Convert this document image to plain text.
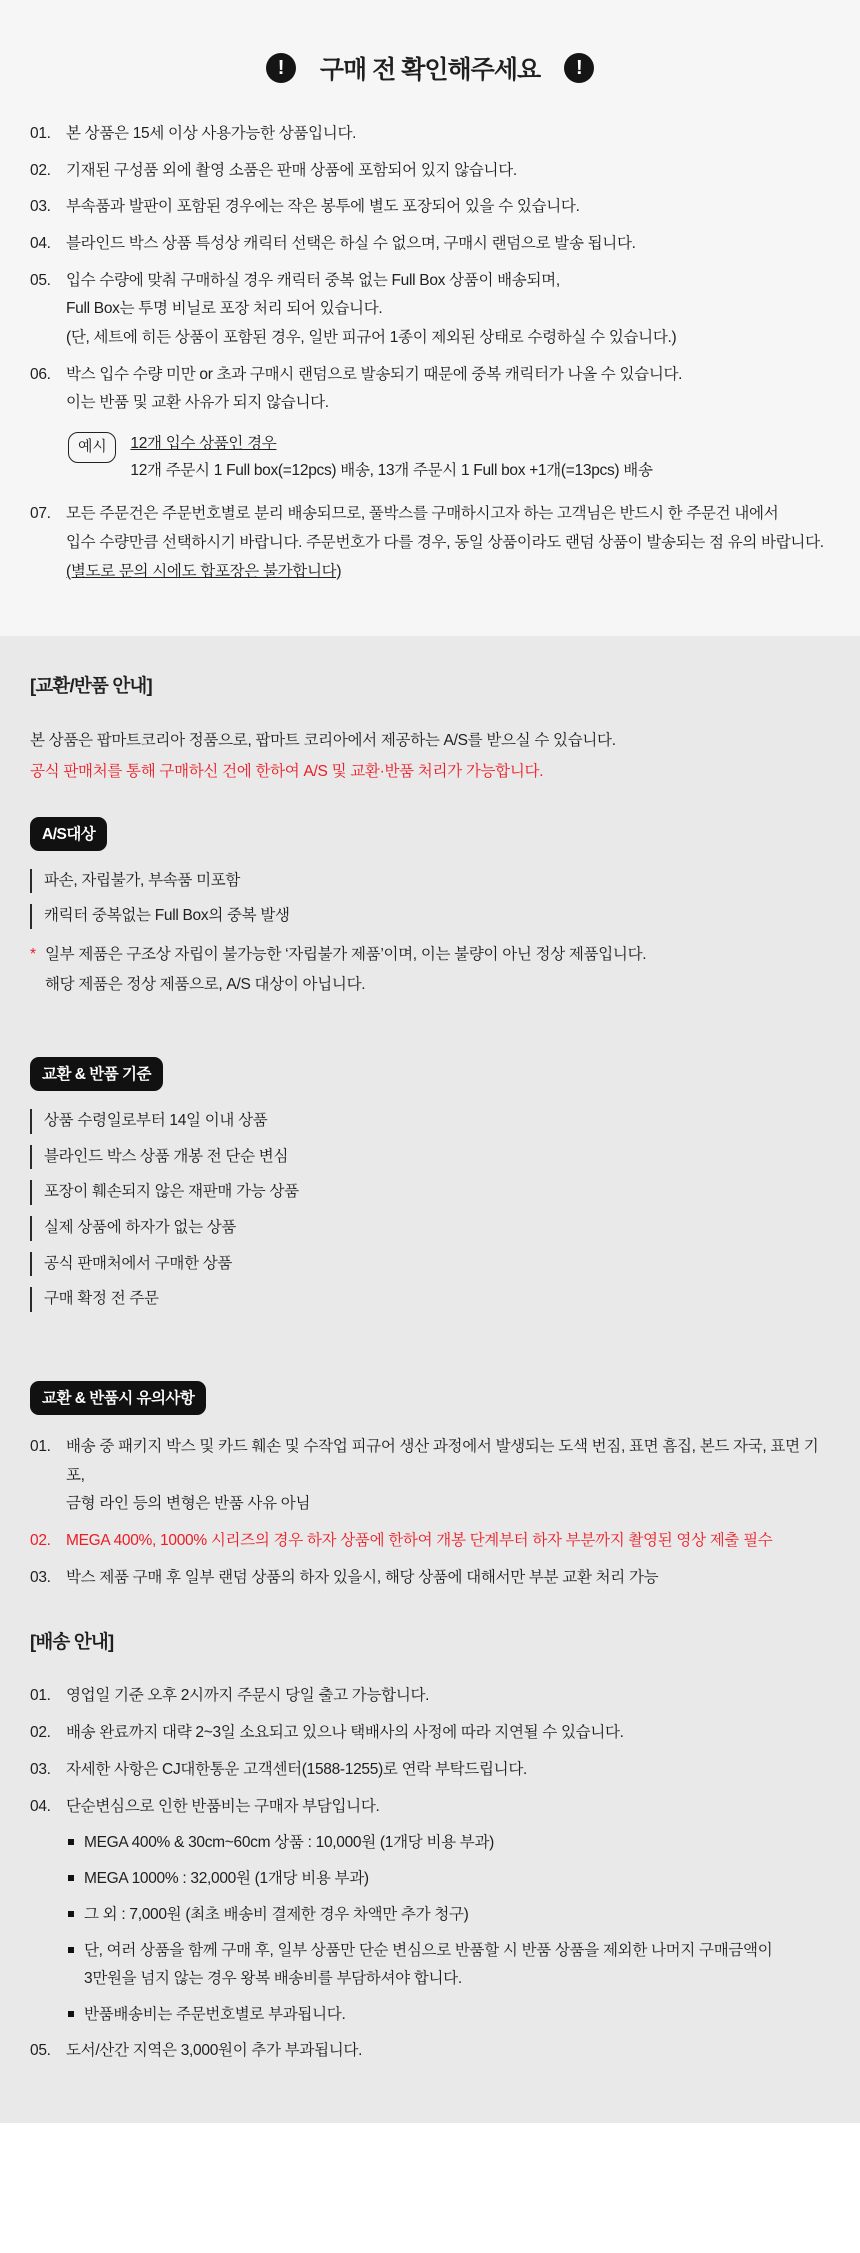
!	구매 전 확인해주세요	!
01. 본 상품은 15세 이상 사용가능한 상품입니다.
02. 기재된 구성품 외에 촬영 소품은 판매 상품에 포함되어 있지 않습니다.
03. 부속품과 발판이 포함된 경우에는 작은 봉투에 별도 포장되어 있을 수 있습니다.
04. 블라인드 박스 상품 특성상 캐릭터 선택은 하실 수 없으며, 구매시 랜덤으로 발송 됩니다.
05. 입수 수량에 맞춰 구매하실 경우 캐릭터 중복 없는 Full Box 상품이 배송되며,
Full Box는 투명 비닐로 포장 처리 되어 있습니다.
(단, 세트에 히든 상품이 포함된 경우, 일반 피규어 1종이 제외된 상태로 수령하실 수 있습니다.)
06. 박스 입수 수량 미만 or 초과 구매시 랜덤으로 발송되기 때문에 중복 캐릭터가 나올 수 있습니다.
이는 반품 및 교환 사유가 되지 않습니다.
예시	12개 입수 상품인 경우
12개 주문시 1 Full box(=12pcs) 배송, 13개 주문시 1 Full box +1개(=13pcs) 배송
07. 모든 주문건은 주문번호별로 분리 배송되므로, 풀박스를 구매하시고자 하는 고객님은 반드시 한 주문건 내에서
입수 수량만큼 선택하시기 바랍니다. 주문번호가 다를 경우, 동일 상품이라도 랜덤 상품이 발송되는 점 유의 바랍니다.
(별도로 문의 시에도 합포장은 불가합니다)
[교환/반품 안내]
본 상품은 팝마트코리아 정품으로, 팝마트 코리아에서 제공하는 A/S를 받으실 수 있습니다.
공식 판매처를 통해 구매하신 건에 한하여 A/S 및 교환·반품 처리가 가능합니다.
A/S대상
파손, 자립불가, 부속품 미포함
캐릭터 중복없는 Full Box의 중복 발생
* 일부 제품은 구조상 자립이 불가능한 ‘자립불가 제품’이며, 이는 불량이 아닌 정상 제품입니다.
해당 제품은 정상 제품으로, A/S 대상이 아닙니다.
교환 & 반품 기준
상품 수령일로부터 14일 이내 상품
블라인드 박스 상품 개봉 전 단순 변심
포장이 훼손되지 않은 재판매 가능 상품
실제 상품에 하자가 없는 상품
공식 판매처에서 구매한 상품
구매 확정 전 주문
교환 & 반품시 유의사항
01. 배송 중 패키지 박스 및 카드 훼손 및 수작업 피규어 생산 과정에서 발생되는 도색 번짐, 표면 흠집, 본드 자국, 표면 기포,
금형 라인 등의 변형은 반품 사유 아님
02. MEGA 400%, 1000% 시리즈의 경우 하자 상품에 한하여 개봉 단계부터 하자 부분까지 촬영된 영상 제출 필수
03. 박스 제품 구매 후 일부 랜덤 상품의 하자 있을시, 해당 상품에 대해서만 부분 교환 처리 가능
[배송 안내]
01. 영업일 기준 오후 2시까지 주문시 당일 출고 가능합니다.
02. 배송 완료까지 대략 2~3일 소요되고 있으나 택배사의 사정에 따라 지연될 수 있습니다.
03. 자세한 사항은 CJ대한통운 고객센터(1588-1255)로 연락 부탁드립니다.
04. 단순변심으로 인한 반품비는 구매자 부담입니다.
MEGA 400% & 30cm~60cm 상품 : 10,000원 (1개당 비용 부과)
MEGA 1000% : 32,000원 (1개당 비용 부과)
그 외 : 7,000원 (최초 배송비 결제한 경우 차액만 추가 청구)
단, 여러 상품을 함께 구매 후, 일부 상품만 단순 변심으로 반품할 시 반품 상품을 제외한 나머지 구매금액이
3만원을 넘지 않는 경우 왕복 배송비를 부담하셔야 합니다.
반품배송비는 주문번호별로 부과됩니다.
05. 도서/산간 지역은 3,000원이 추가 부과됩니다.
